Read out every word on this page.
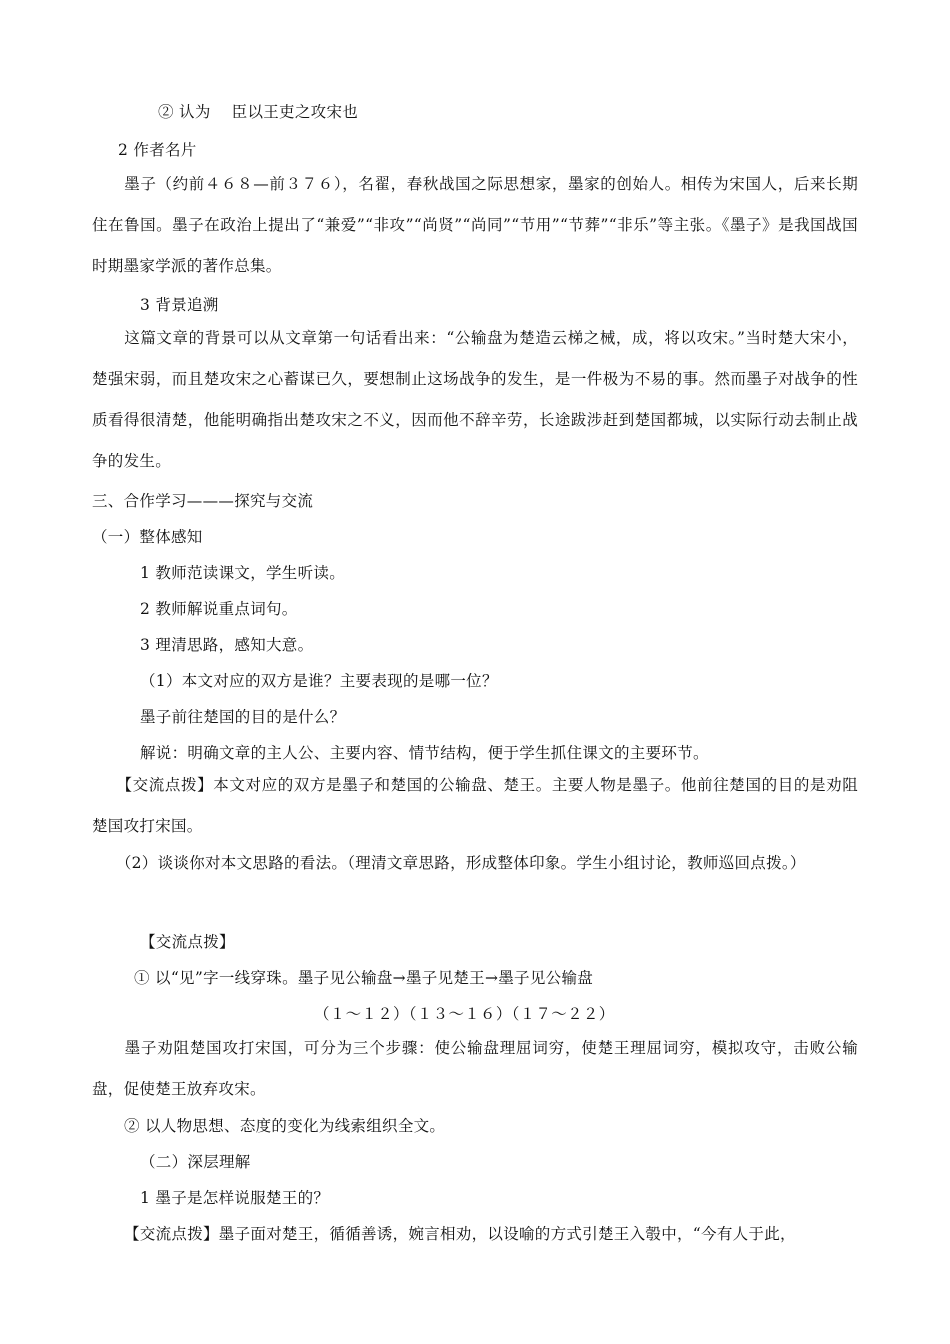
② 认为　 臣以王吏之攻宋也
2 作者名片
　　墨子（约前４６８—前３７６），名翟，春秋战国之际思想家，墨家的创始人。相传为宋国人，后来长期住在鲁国。墨子在政治上提出了“兼爱”“非攻”“尚贤”“尚同”“节用”“节葬”“非乐”等主张。《墨子》是我国战国时期墨家学派的著作总集。
3 背景追溯
　　这篇文章的背景可以从文章第一句话看出来：“公输盘为楚造云梯之械，成，将以攻宋。”当时楚大宋小，楚强宋弱，而且楚攻宋之心蓄谋已久，要想制止这场战争的发生，是一件极为不易的事。然而墨子对战争的性质看得很清楚，他能明确指出楚攻宋之不义，因而他不辞辛劳，长途跋涉赶到楚国都城，以实际行动去制止战争的发生。
三、合作学习———探究与交流
（一）整体感知
1 教师范读课文，学生听读。
2 教师解说重点词句。
3 理清思路，感知大意。
（1）本文对应的双方是谁？主要表现的是哪一位？
墨子前往楚国的目的是什么？
解说：明确文章的主人公、主要内容、情节结构，便于学生抓住课文的主要环节。
　　【交流点拨】本文对应的双方是墨子和楚国的公输盘、楚王。主要人物是墨子。他前往楚国的目的是劝阻楚国攻打宋国。
　　（2）谈谈你对本文思路的看法。（理清文章思路，形成整体印象。学生小组讨论，教师巡回点拨。）
【交流点拨】
① 以“见”字一线穿珠。墨子见公输盘→墨子见楚王→墨子见公输盘
（１～１２）（１３～１６）（１７～２２）
　　墨子劝阻楚国攻打宋国，可分为三个步骤：使公输盘理屈词穷，使楚王理屈词穷，模拟攻守，击败公输盘，促使楚王放弃攻宋。
② 以人物思想、态度的变化为线索组织全文。
（二）深层理解
1 墨子是怎样说服楚王的？
【交流点拨】墨子面对楚王，循循善诱，婉言相劝，以设喻的方式引楚王入彀中，“今有人于此，
